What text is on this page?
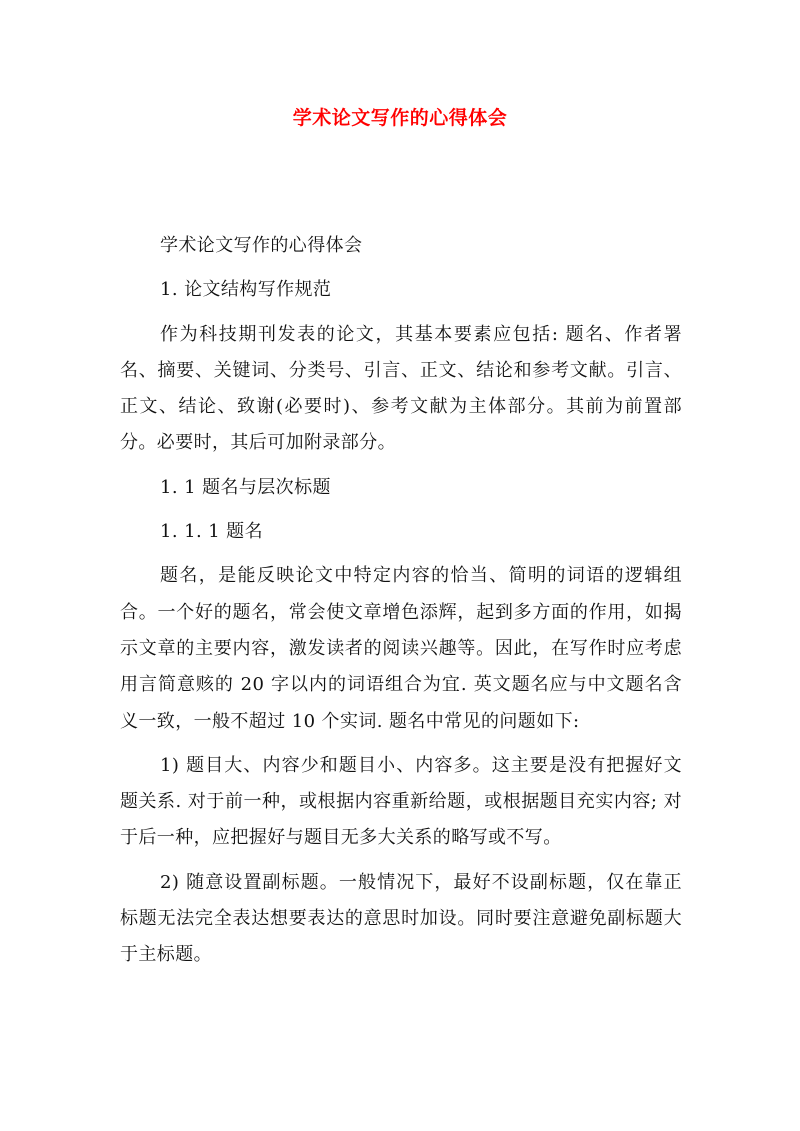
学术论文写作的心得体会

学术论文写作的心得体会

1. 论文结构写作规范

作为科技期刊发表的论文，其基本要素应包括: 题名、作者署名、摘要、关键词、分类号、引言、正文、结论和参考文献。引言、正文、结论、致谢(必要时)、参考文献为主体部分。其前为前置部分。必要时，其后可加附录部分。

1. 1 题名与层次标题

1. 1. 1 题名

题名，是能反映论文中特定内容的恰当、简明的词语的逻辑组合。一个好的题名，常会使文章增色添辉，起到多方面的作用，如揭示文章的主要内容，激发读者的阅读兴趣等。因此，在写作时应考虑用言简意赅的 20 字以内的词语组合为宜. 英文题名应与中文题名含义一致，一般不超过 10 个实词. 题名中常见的问题如下:

1) 题目大、内容少和题目小、内容多。这主要是没有把握好文题关系. 对于前一种，或根据内容重新给题，或根据题目充实内容; 对于后一种，应把握好与题目无多大关系的略写或不写。

2) 随意设置副标题。一般情况下，最好不设副标题，仅在靠正标题无法完全表达想要表达的意思时加设。同时要注意避免副标题大于主标题。
